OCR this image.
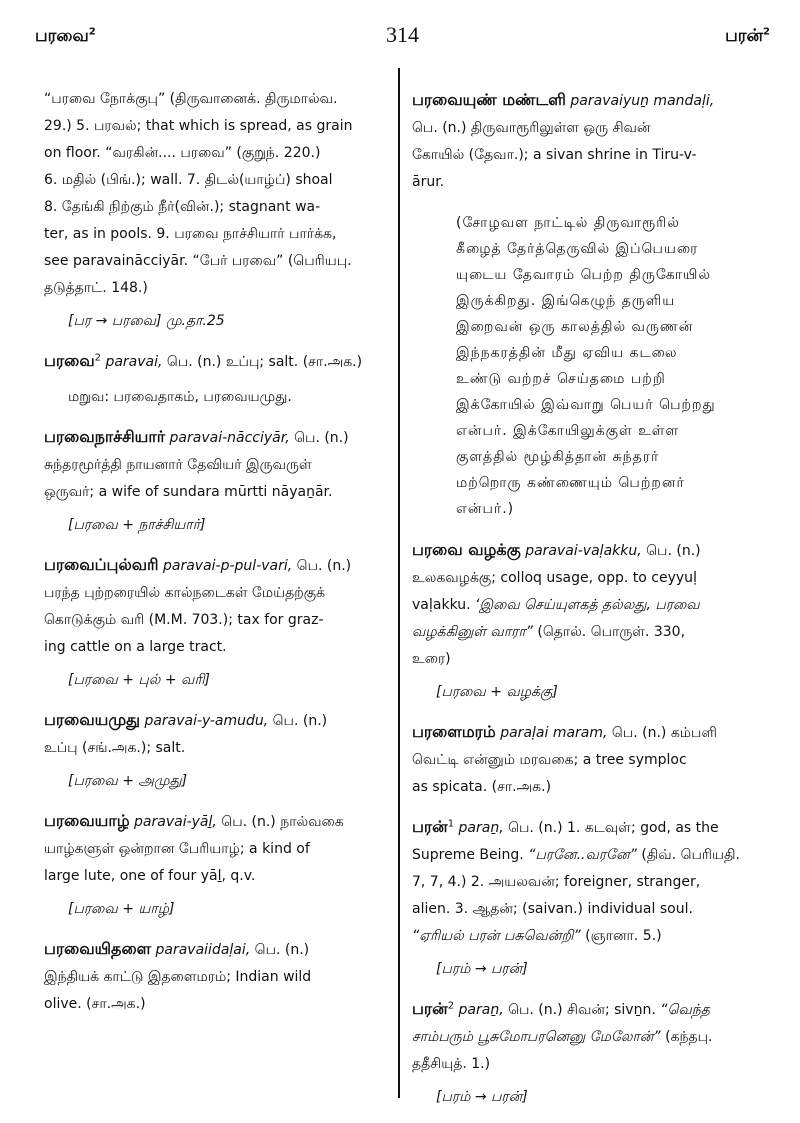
பரவை$^2$	314	பரன்$^2$
“பரவை நோக்குபு” (திருவானைக். திருமால்வ.
29.) 5. பரவல்; that which is spread, as grain
on floor. “வரகின்.... பரவை” (குறுந். 220.)
6. மதில் (பிங்.); wall. 7. திடல்(யாழ்ப்) shoal
8. தேங்கி நிற்கும் நீர்(வின்.); stagnant wa-
ter, as in pools. 9. பரவை நாச்சியார் பார்க்க,
see paravainācciyār. “பேர் பரவை” (பெரியபு.
தடுத்தாட். 148.)
[பர → பரவை] மு.தா.25
பரவை$^2$ paravai, பெ. (n.) உப்பு; salt. (சா.அக.)
மறுவ: பரவைதாகம், பரவையமுது.
பரவைநாச்சியார் paravai-nācciyār, பெ. (n.)
சுந்தரமூர்த்தி நாயனார் தேவியர் இருவருள்
ஒருவர்; a wife of sundara mūrtti nāyaṉār.
[பரவை + நாச்சியார்]
பரவைப்புல்வரி paravai-p-pul-vari, பெ. (n.)
பரந்த புற்றரையில் கால்நடைகள் மேய்தற்குக்
கொடுக்கும் வரி (M.M. 703.); tax for graz-
ing cattle on a large tract.
[பரவை + புல் + வரி]
பரவையமுது paravai-y-amudu, பெ. (n.)
உப்பு (சங்.அக.); salt.
[பரவை + அமுது]
பரவையாழ் paravai-yāḻ, பெ. (n.) நால்வகை
யாழ்களுள் ஒன்றான பேரியாழ்; a kind of
large lute, one of four yāḻ, q.v.
[பரவை + யாழ்]
பரவையிதளை paravaiidaḷai, பெ. (n.)
இந்தியக் காட்டு இதளைமரம்; Indian wild
olive. (சா.அக.)
பரவையுண் மண்டளி paravaiyuṉ mandaḷi,
பெ. (n.) திருவாரூரிலுள்ள ஒரு சிவன்
கோயில் (தேவா.); a sivan shrine in Tiru-v-
ārur.
(சோழவள நாட்டில் திருவாரூரில்
கீழைத் தேர்த்தெருவில் இப்பெயரை
யுடைய தேவாரம் பெற்ற திருகோயில்
இருக்கிறது. இங்கெழுந் தருளிய
இறைவன் ஒரு காலத்தில் வருணன்
இந்நகரத்தின் மீது ஏவிய கடலை
உண்டு வற்றச் செய்தமை பற்றி
இக்கோயில் இவ்வாறு பெயர் பெற்றது
என்பர். இக்கோயிலுக்குள் உள்ள
குளத்தில் மூழ்கித்தான் சுந்தரர்
மற்றொரு கண்ணையும் பெற்றனர்
என்பர்.)
பரவை வழக்கு paravai-vaḷakku, பெ. (n.)
உலகவழக்கு; colloq usage, opp. to ceyyuḷ
vaḷakku. ‘இவை செய்யுளகத் தல்லது, பரவை
வழக்கினுள் வாரா” (தொல். பொருள். 330,
உரை)
[பரவை + வழக்கு]
பரளைமரம் paraḷai maram, பெ. (n.) கம்பளி
வெட்டி என்னும் மரவகை; a tree symploc
as spicata. (சா.அக.)
பரன்$^1$ paraṉ, பெ. (n.) 1. கடவுள்; god, as the
Supreme Being. “பரனே..வரனே” (திவ். பெரியதி.
7, 7, 4.) 2. அயலவன்; foreigner, stranger,
alien. 3. ஆதன்; (saivan.) individual soul.
“ஏரியல் பரன் பசுவென்றி” (ஞானா. 5.)
[பரம் → பரன்]
பரன்$^2$ paraṉ, பெ. (n.) சிவன்; sivṉn. “வெந்த
சாம்பரும் பூசுமோபரனெனு மேலோன்” (கந்தபு.
ததீசியுத். 1.)
[பரம் → பரன்]
